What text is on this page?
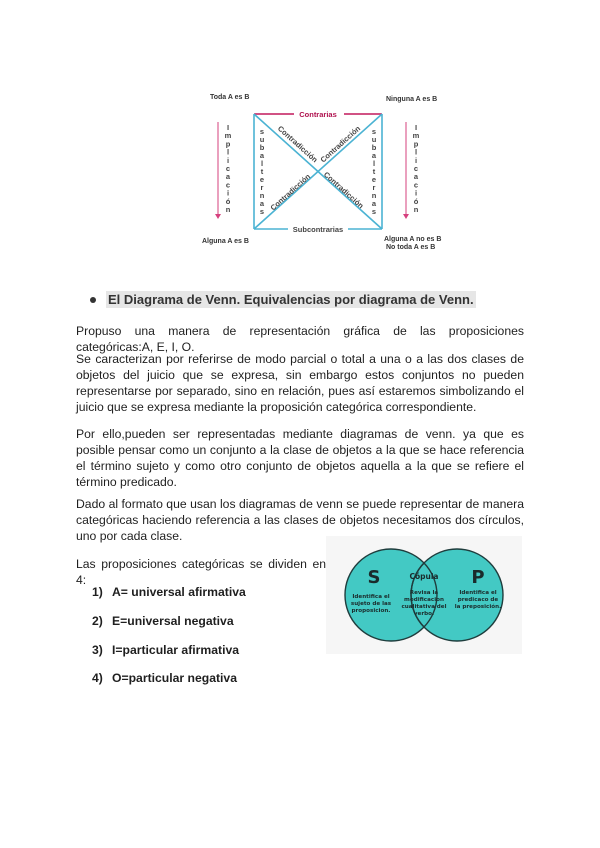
Toda A es B	Ninguna A es B
Alguna A es B	Alguna A no es B
No toda A es B
Contrarias
Subcontrarias
Contradicción Contradicción
Contradicción Contradicción
I
m
p
l
i
c
a
c
i
ó
n
s
u
b
a
l
t
e
r
n
a
s
s
u
b
a
l
t
e
r
n
a
s
I
m
p
l
i
c
a
c
i
ó
n
El Diagrama de Venn. Equivalencias por diagrama de Venn.
Propuso una manera de representación gráfica de las proposiciones categóricas:A, E, I, O.
Se caracterizan por referirse de modo parcial o total a una o a las dos clases de objetos del juicio que se expresa, sin embargo estos conjuntos no pueden representarse por separado, sino en relación, pues así estaremos simbolizando el juicio que se expresa mediante la proposición categórica correspondiente.
Por ello,pueden ser representadas mediante diagramas de venn. ya que es posible pensar como un conjunto a la clase de objetos a la que se hace referencia el término sujeto y como otro conjunto de objetos aquella a la que se refiere el término predicado.
Dado al formato que usan los diagramas de venn se puede representar de manera categóricas haciendo referencia a las clases de objetos necesitamos dos círculos, uno por cada clase.
Las proposiciones categóricas se dividen en 4:
1) A= universal afirmativa
2) E=universal negativa
3) I=particular afirmativa
4) O=particular negativa
S	P
Cópula
Identifica el
sujeto de las
proposicion.
Revisa la
modificacion
cualitativa del
verbo.
Identifica el
predicaco de
la preposición.
